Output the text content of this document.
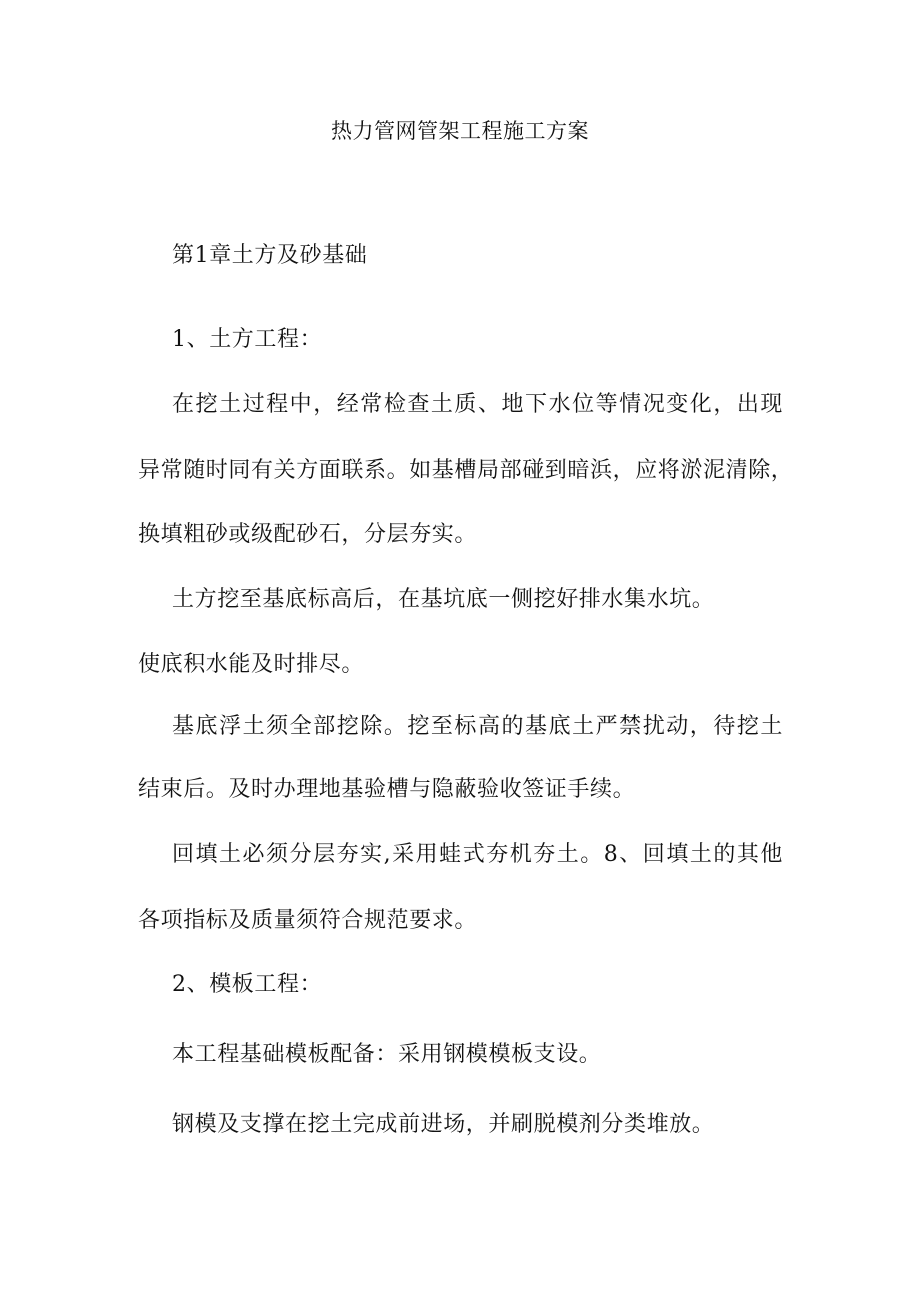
热力管网管架工程施工方案
第1章土方及砂基础
1、土方工程：
在挖土过程中，经常检查土质、地下水位等情况变化，出现
异常随时同有关方面联系。如基槽局部碰到暗浜，应将淤泥清除，
换填粗砂或级配砂石，分层夯实。
土方挖至基底标高后，在基坑底一侧挖好排水集水坑。
使底积水能及时排尽。
基底浮土须全部挖除。挖至标高的基底土严禁扰动，待挖土
结束后。及时办理地基验槽与隐蔽验收签证手续。
回填土必须分层夯实,采用蛙式夯机夯土。8、回填土的其他
各项指标及质量须符合规范要求。
2、模板工程：
本工程基础模板配备：采用钢模模板支设。
钢模及支撑在挖土完成前进场，并刷脱模剂分类堆放。
